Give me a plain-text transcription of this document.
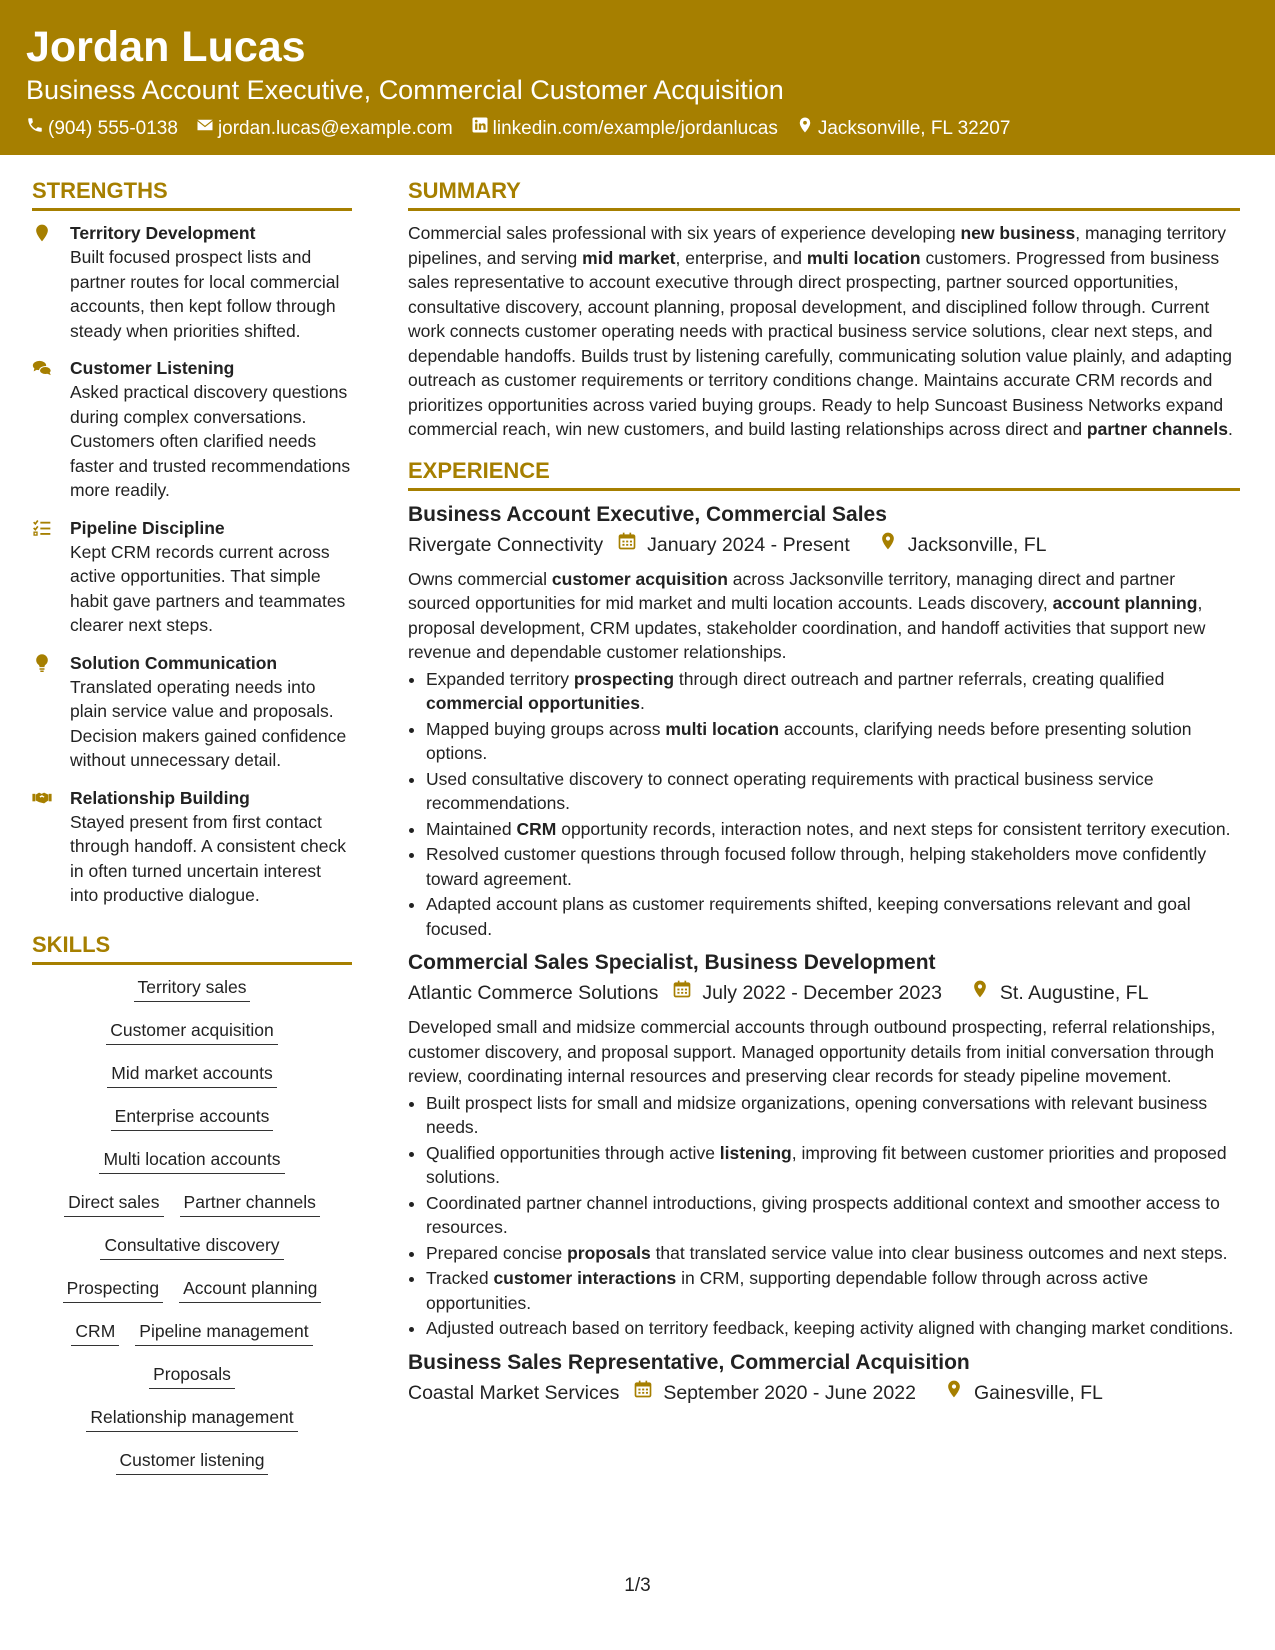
Jordan Lucas
Business Account Executive, Commercial Customer Acquisition
(904) 555-0138 jordan.lucas@example.com linkedin.com/example/jordanlucas Jacksonville, FL 32207
STRENGTHS
Territory Development
Built focused prospect lists and partner routes for local commercial accounts, then kept follow through steady when priorities shifted.
Customer Listening
Asked practical discovery questions during complex conversations. Customers often clarified needs faster and trusted recommendations more readily.
Pipeline Discipline
Kept CRM records current across active opportunities. That simple habit gave partners and teammates clearer next steps.
Solution Communication
Translated operating needs into plain service value and proposals. Decision makers gained confidence without unnecessary detail.
Relationship Building
Stayed present from first contact through handoff. A consistent check in often turned uncertain interest into productive dialogue.
SKILLS
Territory sales
Customer acquisition
Mid market accounts
Enterprise accounts
Multi location accounts
Direct sales Partner channels
Consultative discovery
Prospecting Account planning
CRM Pipeline management
Proposals
Relationship management
Customer listening
SUMMARY

Commercial sales professional with six years of experience developing new business, managing territory pipelines, and serving mid market, enterprise, and multi location customers. Progressed from business sales representative to account executive through direct prospecting, partner sourced opportunities, consultative discovery, account planning, proposal development, and disciplined follow through. Current work connects customer operating needs with practical business service solutions, clear next steps, and dependable handoffs. Builds trust by listening carefully, communicating solution value plainly, and adapting outreach as customer requirements or territory conditions change. Maintains accurate CRM records and prioritizes opportunities across varied buying groups. Ready to help Suncoast Business Networks expand commercial reach, win new customers, and build lasting relationships across direct and partner channels.

EXPERIENCE
Business Account Executive, Commercial Sales
Rivergate Connectivity January 2024 - Present	Jacksonville, FL

Owns commercial customer acquisition across Jacksonville territory, managing direct and partner sourced opportunities for mid market and multi location accounts. Leads discovery, account planning, proposal development, CRM updates, stakeholder coordination, and handoff activities that support new revenue and dependable customer relationships.

• Expanded territory prospecting through direct outreach and partner referrals, creating qualified commercial opportunities.
• Mapped buying groups across multi location accounts, clarifying needs before presenting solution options.
• Used consultative discovery to connect operating requirements with practical business service recommendations.
• Maintained CRM opportunity records, interaction notes, and next steps for consistent territory execution.
• Resolved customer questions through focused follow through, helping stakeholders move confidently toward agreement.
• Adapted account plans as customer requirements shifted, keeping conversations relevant and goal focused.
Commercial Sales Specialist, Business Development
Atlantic Commerce Solutions July 2022 - December 2023	St. Augustine, FL

Developed small and midsize commercial accounts through outbound prospecting, referral relationships, customer discovery, and proposal support. Managed opportunity details from initial conversation through review, coordinating internal resources and preserving clear records for steady pipeline movement.

• Built prospect lists for small and midsize organizations, opening conversations with relevant business needs.
• Qualified opportunities through active listening, improving fit between customer priorities and proposed solutions.
• Coordinated partner channel introductions, giving prospects additional context and smoother access to resources.
• Prepared concise proposals that translated service value into clear business outcomes and next steps.
• Tracked customer interactions in CRM, supporting dependable follow through across active opportunities.
• Adjusted outreach based on territory feedback, keeping activity aligned with changing market conditions.
Business Sales Representative, Commercial Acquisition
Coastal Market Services September 2020 - June 2022	Gainesville, FL
1/3
